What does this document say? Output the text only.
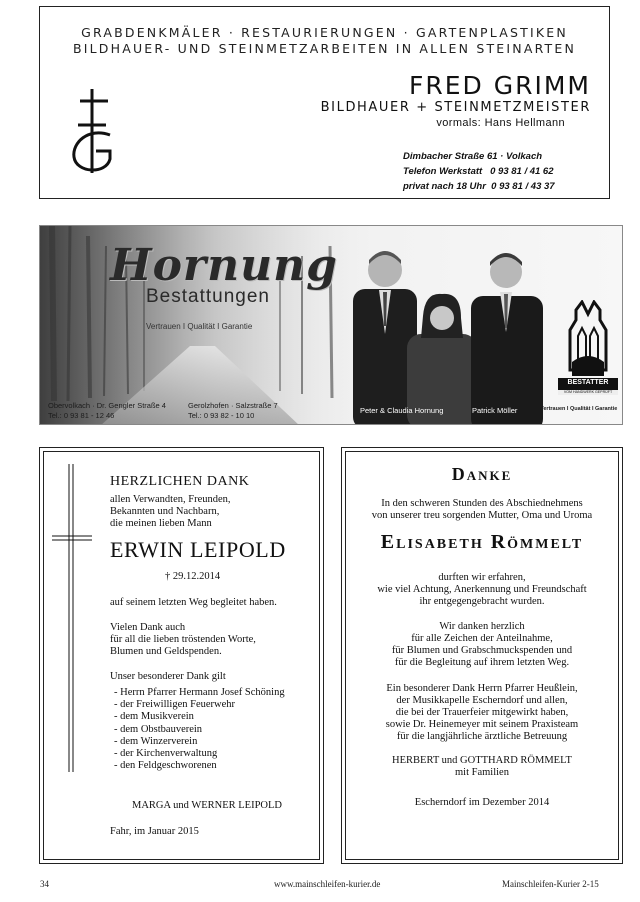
GRABDENKMÄLER · RESTAURIERUNGEN · GARTENPLASTIKEN
BILDHAUER- UND STEINMETZARBEITEN IN ALLEN STEINARTEN
FRED GRIMM
BILDHAUER + STEINMETZMEISTER
vormals: Hans Hellmann
Dimbacher Straße 61 · Volkach
Telefon Werkstatt 0 93 81 / 41 62
privat nach 18 Uhr 0 93 81 / 43 37
Hornung
Bestattungen
Vertrauen I Qualität I Garantie
BESTATTER
VOM HANDWERK GEPRÜFT
Obervolkach · Dr. Gengler Straße 4
Tel.: 0 93 81 - 12 46
Gerolzhofen · Salzstraße 7
Tel.: 0 93 82 - 10 10
Peter & Claudia Hornung	Patrick Möller	Vertrauen I Qualität I Garantie
HERZLICHEN DANK
allen Verwandten, Freunden,
Bekannten und Nachbarn,
die meinen lieben Mann
ERWIN LEIPOLD
† 29.12.2014
auf seinem letzten Weg begleitet haben.
Vielen Dank auch
für all die lieben tröstenden Worte,
Blumen und Geldspenden.
Unser besonderer Dank gilt
- Herrn Pfarrer Hermann Josef Schöning
- der Freiwilligen Feuerwehr
- dem Musikverein
- dem Obstbauverein
- dem Winzerverein
- der Kirchenverwaltung
- den Feldgeschworenen
MARGA und WERNER LEIPOLD
Fahr, im Januar 2015
Danke
In den schweren Stunden des Abschiednehmens
von unserer treu sorgenden Mutter, Oma und Uroma
Elisabeth Römmelt
durften wir erfahren,
wie viel Achtung, Anerkennung und Freundschaft
ihr entgegengebracht wurden.
Wir danken herzlich
für alle Zeichen der Anteilnahme,
für Blumen und Grabschmuckspenden und
für die Begleitung auf ihrem letzten Weg.
Ein besonderer Dank Herrn Pfarrer Heußlein,
der Musikkapelle Escherndorf und allen,
die bei der Trauerfeier mitgewirkt haben,
sowie Dr. Heinemeyer mit seinem Praxisteam
für die langjährliche ärztliche Betreuung
HERBERT und GOTTHARD RÖMMELT
mit Familien
Escherndorf im Dezember 2014
34	www.mainschleifen-kurier.de	Mainschleifen-Kurier 2-15
